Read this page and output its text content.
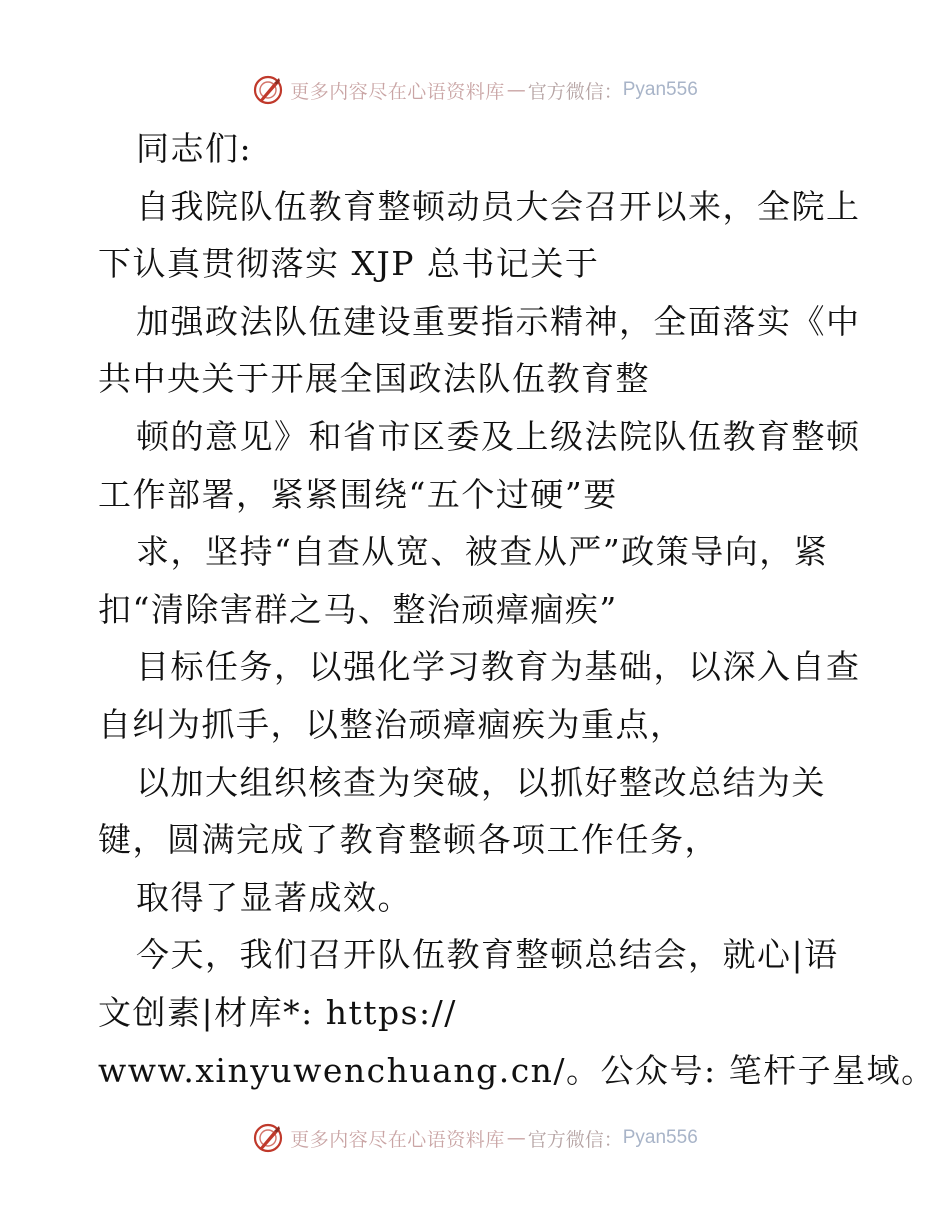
更多内容尽在心语资料库 — 官方微信： Pyan556
同志们:
自我院队伍教育整顿动员大会召开以来，全院上
下认真贯彻落实 XJP 总书记关于
加强政法队伍建设重要指示精神，全面落实《中
共中央关于开展全国政法队伍教育整
顿的意见》和省市区委及上级法院队伍教育整顿
工作部署，紧紧围绕“五个过硬”要
求，坚持“自查从宽、被查从严”政策导向，紧
扣“清除害群之马、整治顽瘴痼疾”
目标任务，以强化学习教育为基础，以深入自查
自纠为抓手，以整治顽瘴痼疾为重点，
以加大组织核查为突破，以抓好整改总结为关
键，圆满完成了教育整顿各项工作任务，
取得了显著成效。
今天，我们召开队伍教育整顿总结会，就心|语
文创素|材库*: https://
www.xinyuwenchuang.cn/。公众号: 笔杆子星域。
更多内容尽在心语资料库 — 官方微信： Pyan556
